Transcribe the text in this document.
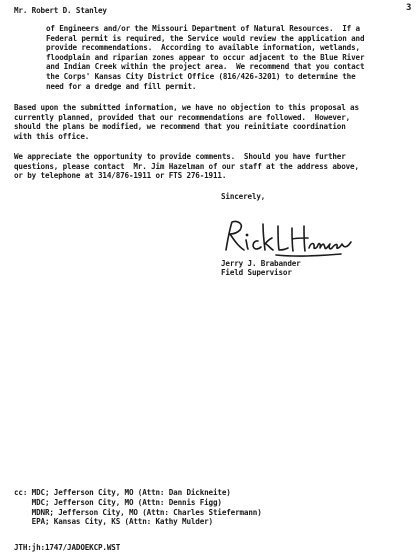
Mr. Robert D. Stanley	3
of Engineers and/or the Missouri Department of Natural Resources.  If a
Federal permit is required, the Service would review the application and
provide recommendations.  According to available information, wetlands,
floodplain and riparian zones appear to occur adjacent to the Blue River
and Indian Creek within the project area.  We recommend that you contact
the Corps' Kansas City District Office (816/426-3201) to determine the
need for a dredge and fill permit.
Based upon the submitted information, we have no objection to this proposal as
currently planned, provided that our recommendations are followed.  However,
should the plans be modified, we recommend that you reinitiate coordination
with this office.
We appreciate the opportunity to provide comments.  Should you have further
questions, please contact  Mr. Jim Hazelman of our staff at the address above,
or by telephone at 314/876-1911 or FTS 276-1911.
Sincerely,
Jerry J. Brabander
Field Supervisor
cc: MDC; Jefferson City, MO (Attn: Dan Dickneite)
MDC; Jefferson City, MO (Attn: Dennis Figg)
MDNR; Jefferson City, MO (Attn: Charles Stiefermann)
EPA; Kansas City, KS (Attn: Kathy Mulder)
JTH:jh:1747/JADOEKCP.WST
